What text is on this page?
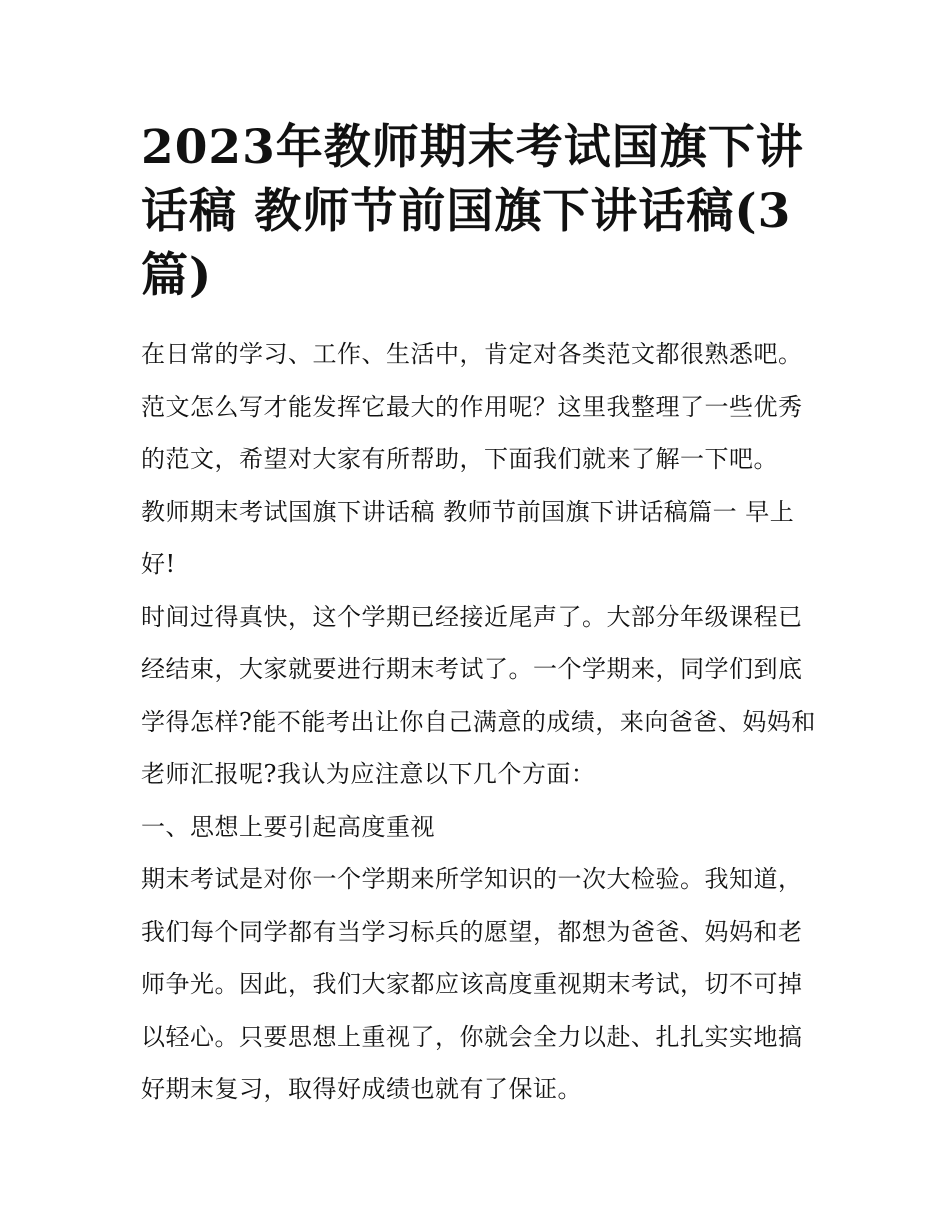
2023年教师期末考试国旗下讲话稿 教师节前国旗下讲话稿(3篇)

在日常的学习、工作、生活中，肯定对各类范文都很熟悉吧。范文怎么写才能发挥它最大的作用呢？这里我整理了一些优秀的范文，希望对大家有所帮助，下面我们就来了解一下吧。

教师期末考试国旗下讲话稿 教师节前国旗下讲话稿篇一 早上好!

时间过得真快，这个学期已经接近尾声了。大部分年级课程已经结束，大家就要进行期末考试了。一个学期来，同学们到底学得怎样?能不能考出让你自己满意的成绩，来向爸爸、妈妈和老师汇报呢?我认为应注意以下几个方面：

一、思想上要引起高度重视

期末考试是对你一个学期来所学知识的一次大检验。我知道，我们每个同学都有当学习标兵的愿望，都想为爸爸、妈妈和老师争光。因此，我们大家都应该高度重视期末考试，切不可掉以轻心。只要思想上重视了，你就会全力以赴、扎扎实实地搞好期末复习，取得好成绩也就有了保证。
